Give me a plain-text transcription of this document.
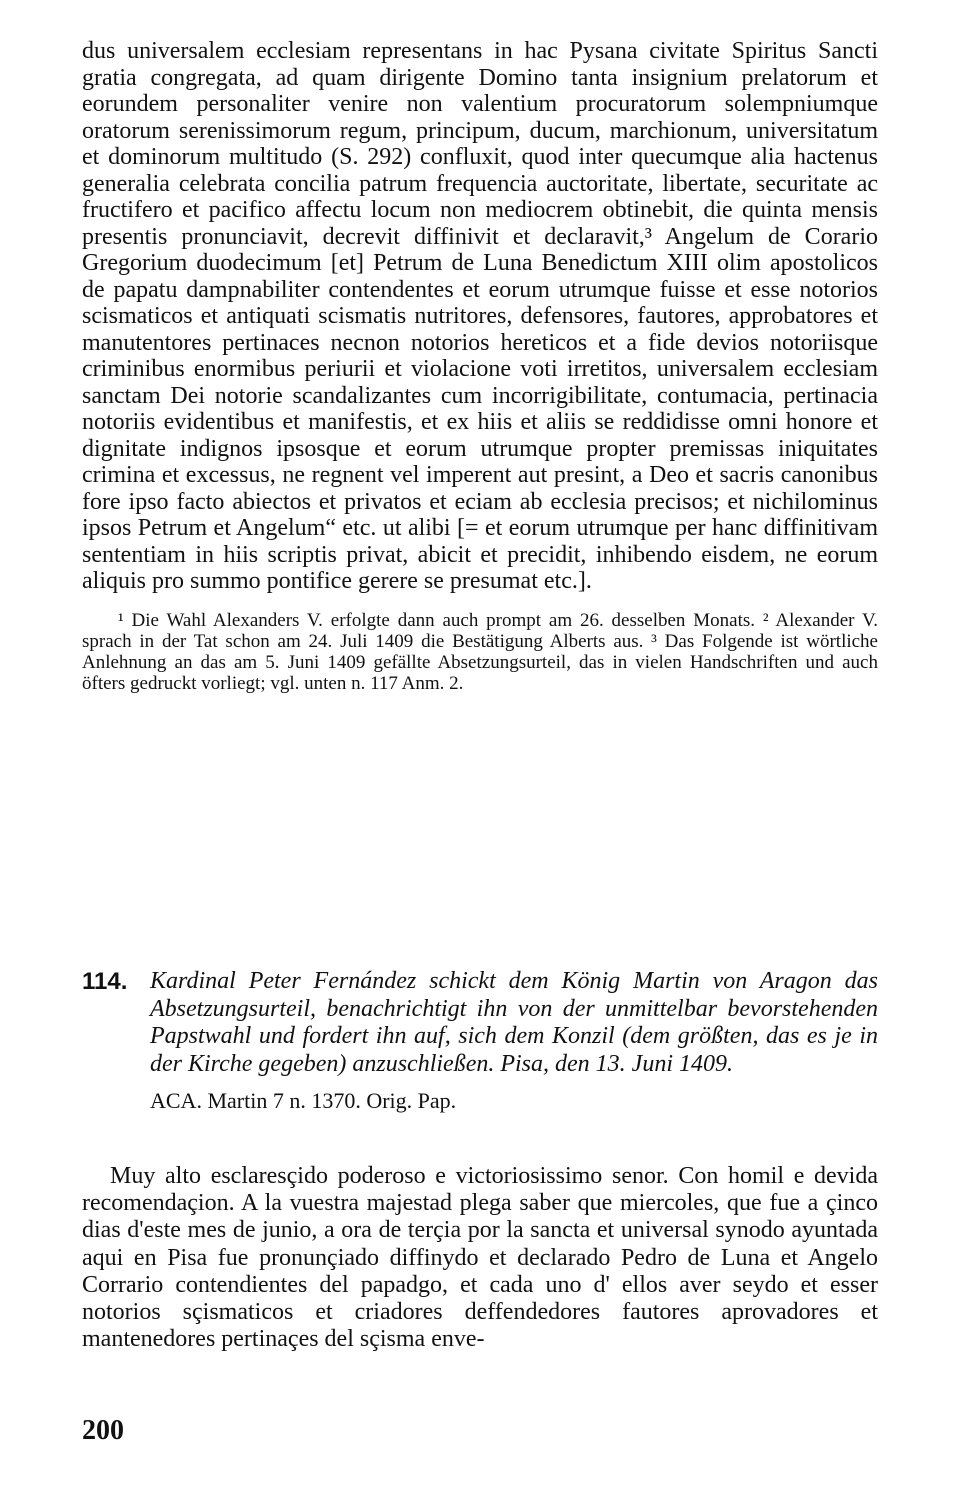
dus universalem ecclesiam representans in hac Pysana civitate Spiritus Sancti gratia congregata, ad quam dirigente Domino tanta insignium prelatorum et eorundem personaliter venire non valentium procuratorum solempniumque oratorum serenissimorum regum, principum, ducum, marchionum, universitatum et dominorum multitudo (S. 292) confluxit, quod inter quecumque alia hactenus generalia celebrata concilia patrum frequencia auctoritate, libertate, securitate ac fructifero et pacifico affectu locum non mediocrem obtinebit, die quinta mensis presentis pronunciavit, decrevit diffinivit et declaravit,³ Angelum de Corario Gregorium duodecimum [et] Petrum de Luna Benedictum XIII olim apostolicos de papatu dampnabiliter contendentes et eorum utrumque fuisse et esse notorios scismaticos et antiquati scismatis nutritores, defensores, fautores, approbatores et manutentores pertinaces necnon notorios hereticos et a fide devios notoriisque criminibus enormibus periurii et violacione voti irretitos, universalem ecclesiam sanctam Dei notorie scandalizantes cum incorrigibilitate, contumacia, pertinacia notoriis evidentibus et manifestis, et ex hiis et aliis se reddidisse omni honore et dignitate indignos ipsosque et eorum utrumque propter premissas iniquitates crimina et excessus, ne regnent vel imperent aut presint, a Deo et sacris canonibus fore ipso facto abiectos et privatos et eciam ab ecclesia precisos; et nichilominus ipsos Petrum et Angelum“ etc. ut alibi [= et eorum utrumque per hanc diffinitivam sententiam in hiis scriptis privat, abicit et precidit, inhibendo eisdem, ne eorum aliquis pro summo pontifice gerere se presumat etc.].

¹ Die Wahl Alexanders V. erfolgte dann auch prompt am 26. desselben Monats. ² Alexander V. sprach in der Tat schon am 24. Juli 1409 die Bestätigung Alberts aus. ³ Das Folgende ist wörtliche Anlehnung an das am 5. Juni 1409 gefällte Absetzungsurteil, das in vielen Handschriften und auch öfters gedruckt vorliegt; vgl. unten n. 117 Anm. 2.

114. Kardinal Peter Fernández schickt dem König Martin von Aragon das Absetzungsurteil, benachrichtigt ihn von der unmittelbar bevorstehenden Papstwahl und fordert ihn auf, sich dem Konzil (dem größten, das es je in der Kirche gegeben) anzuschließen. Pisa, den 13. Juni 1409.

ACA. Martin 7 n. 1370. Orig. Pap.

Muy alto esclaresçido poderoso e victoriosissimo senor. Con homil e devida recomendaçion. A la vuestra majestad plega saber que miercoles, que fue a çinco dias d'este mes de junio, a ora de terçia por la sancta et universal synodo ayuntada aqui en Pisa fue pronunçiado diffinydo et declarado Pedro de Luna et Angelo Corrario contendientes del papadgo, et cada uno d' ellos aver seydo et esser notorios sçismaticos et criadores deffendedores fautores aprovadores et mantenedores pertinaçes del sçisma enve-

200
